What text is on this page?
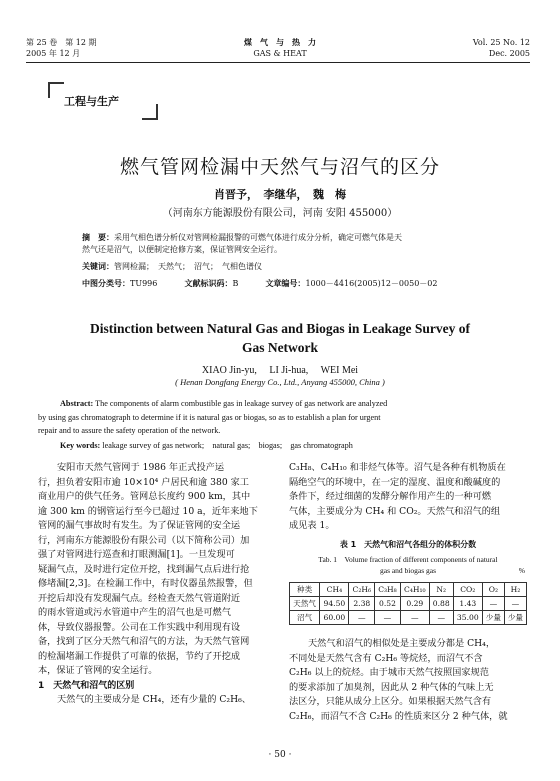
第 25 卷　第 12 期
2005 年 12 月
煤　气　与　热　力
GAS & HEAT
Vol. 25 No. 12
Dec. 2005
工程与生产
燃气管网检漏中天然气与沼气的区分
肖晋予，　李继华，　魏　梅
（河南东方能源股份有限公司，河南 安阳 455000）
摘　要：采用气相色谱分析仪对管网检漏报警的可燃气体进行成分分析，确定可燃气体是天
然气还是沼气，以便制定抢修方案，保证管网安全运行。
关键词：管网检漏；　天然气；　沼气；　气相色谱仪
中图分类号：TU996	文献标识码：B	文章编号：1000－4416(2005)12－0050－02
Distinction between Natural Gas and Biogas in Leakage Survey of
Gas Network
XIAO Jin-yu,　 LI Ji-hua,　 WEI Mei
( Henan Dongfang Energy Co., Ltd., Anyang 455000, China )
Abstract: The components of alarm combustible gas in leakage survey of gas network are analyzed
by using gas chromatograph to determine if it is natural gas or biogas, so as to establish a plan for urgent
repair and to assure the safety operation of the network.
Key words: leakage survey of gas network;　natural gas;　biogas;　gas chromatograph
安阳市天然气管网于 1986 年正式投产运
行，担负着安阳市逾 10×10⁴ 户居民和逾 380 家工
商业用户的供气任务。管网总长度约 900 km，其中
逾 300 km 的钢管运行至今已超过 10 a，近年来地下
管网的漏气事故时有发生。为了保证管网的安全运
行，河南东方能源股份有限公司（以下简称公司）加
强了对管网进行巡查和打眼测漏[1]。一旦发现可
疑漏气点，及时进行定位开挖，找到漏气点后进行抢
修堵漏[2,3]。在检漏工作中，有时仪器虽然报警，但
开挖后却没有发现漏气点。经检查天然气管道附近
的雨水管道或污水管道中产生的沼气也是可燃气
体，导致仪器报警。公司在工作实践中利用现有设
备，找到了区分天然气和沼气的方法，为天然气管网
的检漏堵漏工作提供了可靠的依据，节约了开挖成
本，保证了管网的安全运行。
1　天然气和沼气的区别
天然气的主要成分是 CH₄，还有少量的 C₂H₆、
C₃H₈、C₄H₁₀ 和非烃气体等。沼气是各种有机物质在
隔绝空气的环境中，在一定的湿度、温度和酸碱度的
条件下，经过细菌的发酵分解作用产生的一种可燃
气体，主要成分为 CH₄ 和 CO₂。天然气和沼气的组
成见表 1。
表 1　天然气和沼气各组分的体积分数
Tab. 1　Volume fraction of different components of natural
gas and biogas gas	%
种类	CH₄	C₂H₆	C₃H₈	C₄H₁₀	N₂	CO₂	O₂	H₂
天然气	94.50	2.38	0.52	0.29	0.88	1.43	—	—
沼气	60.00	—	—	—	—	35.00	少量	少量
天然气和沼气的相似处是主要成分都是 CH₄，
不同处是天然气含有 C₂H₆ 等烷烃，而沼气不含
C₂H₆ 以上的烷烃。由于城市天然气按照国家规范
的要求添加了加臭剂，因此从 2 种气体的气味上无
法区分，只能从成分上区分。如果根据天然气含有
C₂H₆，而沼气不含 C₂H₆ 的性质来区分 2 种气体，就
· 50 ·
